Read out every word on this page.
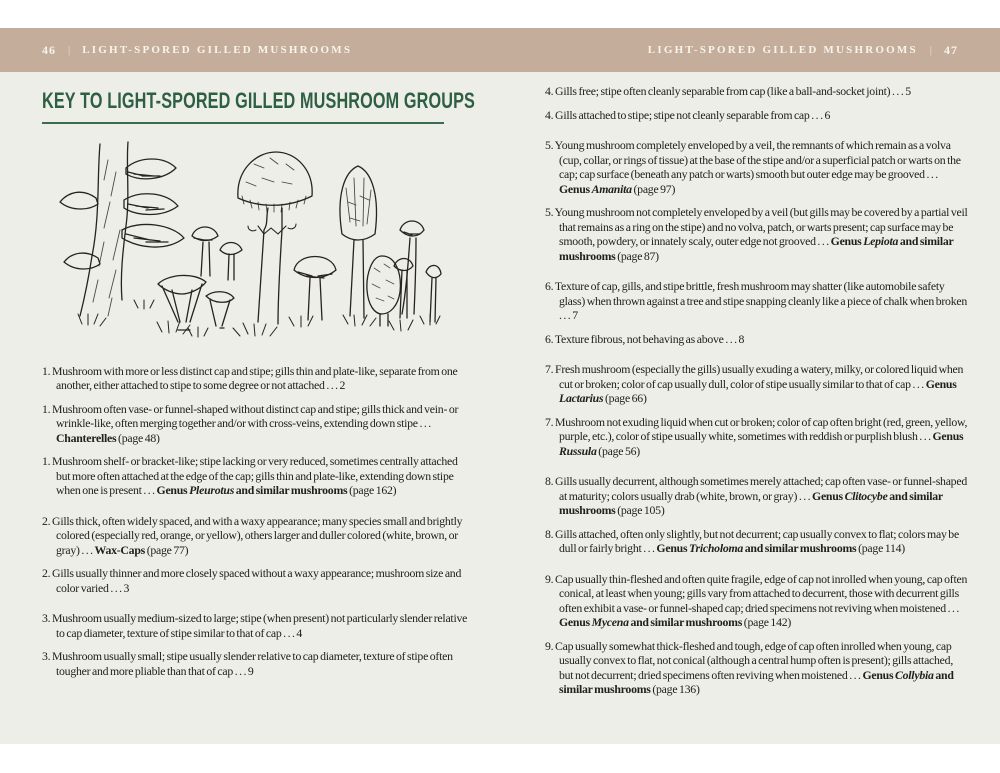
46 | LIGHT-SPORED GILLED MUSHROOMS	LIGHT-SPORED GILLED MUSHROOMS | 47
KEY TO LIGHT-SPORED GILLED MUSHROOM GROUPS
1. Mushroom with more or less distinct cap and stipe; gills thin and plate-like, separate from one another, either attached to stipe to some degree or not attached . . . 2
1. Mushroom often vase- or funnel-shaped without distinct cap and stipe; gills thick and vein- or wrinkle-like, often merging together and/or with cross-veins, extending down stipe . . . Chanterelles (page 48)
1. Mushroom shelf- or bracket-like; stipe lacking or very reduced, sometimes centrally attached but more often attached at the edge of the cap; gills thin and plate-like, extending down stipe when one is present . . . Genus Pleurotus and similar mushrooms (page 162)
2. Gills thick, often widely spaced, and with a waxy appearance; many species small and brightly colored (especially red, orange, or yellow), others larger and duller colored (white, brown, or gray) . . . Wax-Caps (page 77)
2. Gills usually thinner and more closely spaced without a waxy appearance; mushroom size and color varied . . . 3
3. Mushroom usually medium-sized to large; stipe (when present) not particularly slender relative to cap diameter, texture of stipe similar to that of cap . . . 4
3. Mushroom usually small; stipe usually slender relative to cap diameter, texture of stipe often tougher and more pliable than that of cap . . . 9
4. Gills free; stipe often cleanly separable from cap (like a ball-and-socket joint) . . . 5
4. Gills attached to stipe; stipe not cleanly separable from cap . . . 6
5. Young mushroom completely enveloped by a veil, the remnants of which remain as a volva (cup, collar, or rings of tissue) at the base of the stipe and/or a superficial patch or warts on the cap; cap surface (beneath any patch or warts) smooth but outer edge may be grooved . . . Genus Amanita (page 97)
5. Young mushroom not completely enveloped by a veil (but gills may be covered by a partial veil that remains as a ring on the stipe) and no volva, patch, or warts present; cap surface may be smooth, powdery, or innately scaly, outer edge not grooved . . . Genus Lepiota and similar mushrooms (page 87)
6. Texture of cap, gills, and stipe brittle, fresh mushroom may shatter (like automobile safety glass) when thrown against a tree and stipe snapping cleanly like a piece of chalk when broken . . . 7
6. Texture fibrous, not behaving as above . . . 8
7. Fresh mushroom (especially the gills) usually exuding a watery, milky, or colored liquid when cut or broken; color of cap usually dull, color of stipe usually similar to that of cap . . . Genus Lactarius (page 66)
7. Mushroom not exuding liquid when cut or broken; color of cap often bright (red, green, yellow, purple, etc.), color of stipe usually white, sometimes with reddish or purplish blush . . . Genus Russula (page 56)
8. Gills usually decurrent, although sometimes merely attached; cap often vase- or funnel-shaped at maturity; colors usually drab (white, brown, or gray) . . . Genus Clitocybe and similar mushrooms (page 105)
8. Gills attached, often only slightly, but not decurrent; cap usually convex to flat; colors may be dull or fairly bright . . . Genus Tricholoma and similar mushrooms (page 114)
9. Cap usually thin-fleshed and often quite fragile, edge of cap not inrolled when young, cap often conical, at least when young; gills vary from attached to decurrent, those with decurrent gills often exhibit a vase- or funnel-shaped cap; dried specimens not reviving when moistened . . . Genus Mycena and similar mushrooms (page 142)
9. Cap usually somewhat thick-fleshed and tough, edge of cap often inrolled when young, cap usually convex to flat, not conical (although a central hump often is present); gills attached, but not decurrent; dried specimens often reviving when moistened . . . Genus Collybia and similar mushrooms (page 136)
